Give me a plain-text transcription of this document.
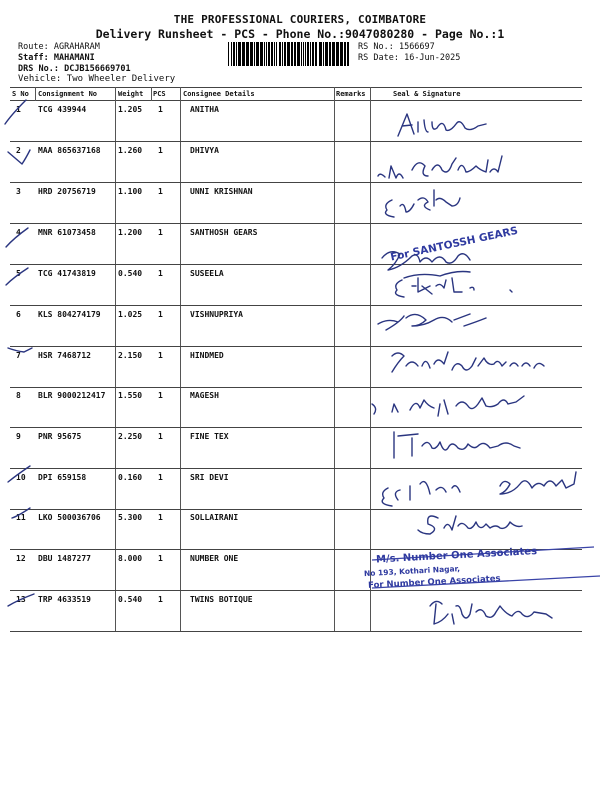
THE PROFESSIONAL COURIERS, COIMBATORE
Delivery Runsheet - PCS - Phone No.:9047080280 - Page No.:1
Route: AGRAHARAM
Staff: MAHAMANI
DRS No.: DCJB156669701
RS No.: 1566697
RS Date: 16-Jun-2025
Vehicle: Two Wheeler Delivery
S No Consignment No	Weight PCS Consignee Details	Remarks	Seal & Signature
1 TCG 439944	1.205 1	ANITHA
2 MAA 865637168 1.260 1	DHIVYA
3 HRD 20756719	1.100 1	UNNI KRISHNAN
4 MNR 61073458	1.200 1	SANTHOSH GEARS
5 TCG 41743819	0.540 1	SUSEELA
6 KLS 804274179 1.025 1	VISHNUPRIYA
7 HSR 7468712	2.150 1	HINDMED
8 BLR 9000212417 1.550 1	MAGESH
9 PNR 95675	2.250 1	FINE TEX
10 DPI 659158	0.160 1	SRI DEVI
11 LKO 500036706 5.300 1	SOLLAIRANI
12 DBU 1487277	8.000 1	NUMBER ONE
13 TRP 4633519	0.540 1	TWINS BOTIQUE
For SANTOSSH GEARS
M/s. Number One Associates
No 193, Kothari Nagar,
For Number One Associates
